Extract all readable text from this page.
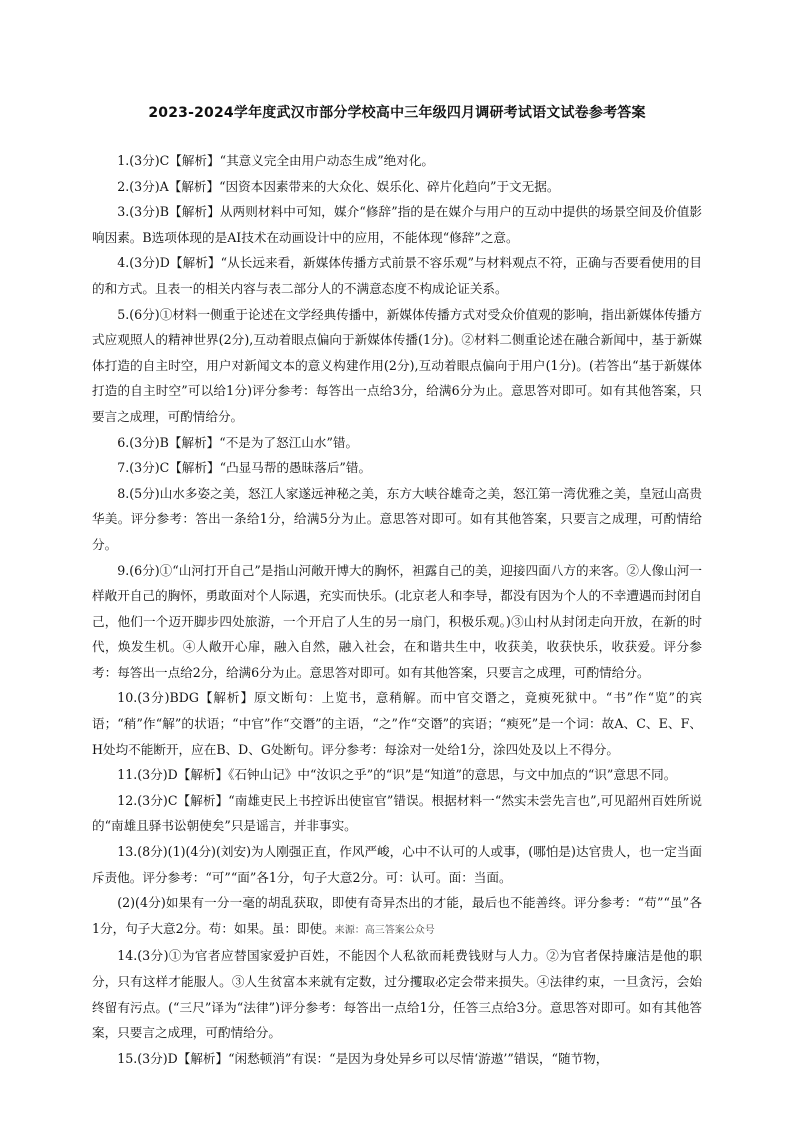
2023-2024学年度武汉市部分学校高中三年级四月调研考试语文试卷参考答案

1.(3分)C【解析】“其意义完全由用户动态生成”绝对化。

2.(3分)A【解析】“因资本因素带来的大众化、娱乐化、碎片化趋向”于文无据。

3.(3分)B【解析】从两则材料中可知，媒介“修辞”指的是在媒介与用户的互动中提供的场景空间及价值影响因素。B选项体现的是AI技术在动画设计中的应用，不能体现“修辞”之意。

4.(3分)D【解析】“从长远来看，新媒体传播方式前景不容乐观”与材料观点不符，正确与否要看使用的目的和方式。且表一的相关内容与表二部分人的不满意态度不构成论证关系。

5.(6分)①材料一侧重于论述在文学经典传播中，新媒体传播方式对受众价值观的影响，指出新媒体传播方式应观照人的精神世界(2分),互动着眼点偏向于新媒体传播(1分)。②材料二侧重论述在融合新闻中，基于新媒体打造的自主时空，用户对新闻文本的意义构建作用(2分),互动着眼点偏向于用户(1分)。(若答出“基于新媒体打造的自主时空”可以给1分)评分参考：每答出一点给3分，给满6分为止。意思答对即可。如有其他答案，只要言之成理，可酌情给分。

6.(3分)B【解析】“不是为了怒江山水”错。

7.(3分)C【解析】“凸显马帮的愚昧落后”错。

8.(5分)山水多姿之美，怒江人家遂远神秘之美，东方大峡谷雄奇之美，怒江第一湾优雅之美，皇冠山高贵华美。评分参考：答出一条给1分，给满5分为止。意思答对即可。如有其他答案，只要言之成理，可酌情给分。

9.(6分)①“山河打开自己”是指山河敞开博大的胸怀，袒露自己的美，迎接四面八方的来客。②人像山河一样敞开自己的胸怀，勇敢面对个人际遇，充实而快乐。(北京老人和李导，都没有因为个人的不幸遭遇而封闭自己，他们一个迈开脚步四处旅游，一个开启了人生的另一扇门，积极乐观。)③山村从封闭走向开放，在新的时代，焕发生机。④人敞开心扉，融入自然，融入社会，在和谐共生中，收获美，收获快乐，收获爱。评分参考：每答出一点给2分，给满6分为止。意思答对即可。如有其他答案，只要言之成理，可酌情给分。

10.(3分)BDG【解析】原文断句：上览书，意稍解。而中官交谮之，竟瘐死狱中。“书”作“览”的宾语；“稍”作“解”的状语；“中官”作“交谮”的主语，“之”作“交谮”的宾语；“瘐死”是一个词：故A、C、E、F、H处均不能断开，应在B、D、G处断句。评分参考：每涂对一处给1分，涂四处及以上不得分。

11.(3分)D【解析】《石钟山记》中“汝识之乎”的“识”是“知道”的意思，与文中加点的“识”意思不同。

12.(3分)C【解析】“南雄吏民上书控诉出使宦官”错误。根据材料一“然实未尝先言也”,可见韶州百姓所说的“南雄且驿书讼朝使矣”只是谣言，并非事实。

13.(8分)(1)(4分)(刘安)为人刚强正直，作风严峻，心中不认可的人或事，(哪怕是)达官贵人，也一定当面斥责他。评分参考：“可”“面”各1分，句子大意2分。可：认可。面：当面。

(2)(4分)如果有一分一毫的胡乱获取，即使有奇异杰出的才能，最后也不能善终。评分参考：“苟”“虽”各1分，句子大意2分。苟：如果。虽：即使。来源：高三答案公众号

14.(3分)①为官者应替国家爱护百姓，不能因个人私欲而耗费钱财与人力。②为官者保持廉洁是他的职分，只有这样才能服人。③人生贫富本来就有定数，过分攫取必定会带来损失。④法律约束，一旦贪污，会始终留有污点。(“三尺”译为“法律”)评分参考：每答出一点给1分，任答三点给3分。意思答对即可。如有其他答案，只要言之成理，可酌情给分。

15.(3分)D【解析】“闲愁顿消”有误：“是因为身处异乡可以尽情‘游遨’”错误，“随节物，
